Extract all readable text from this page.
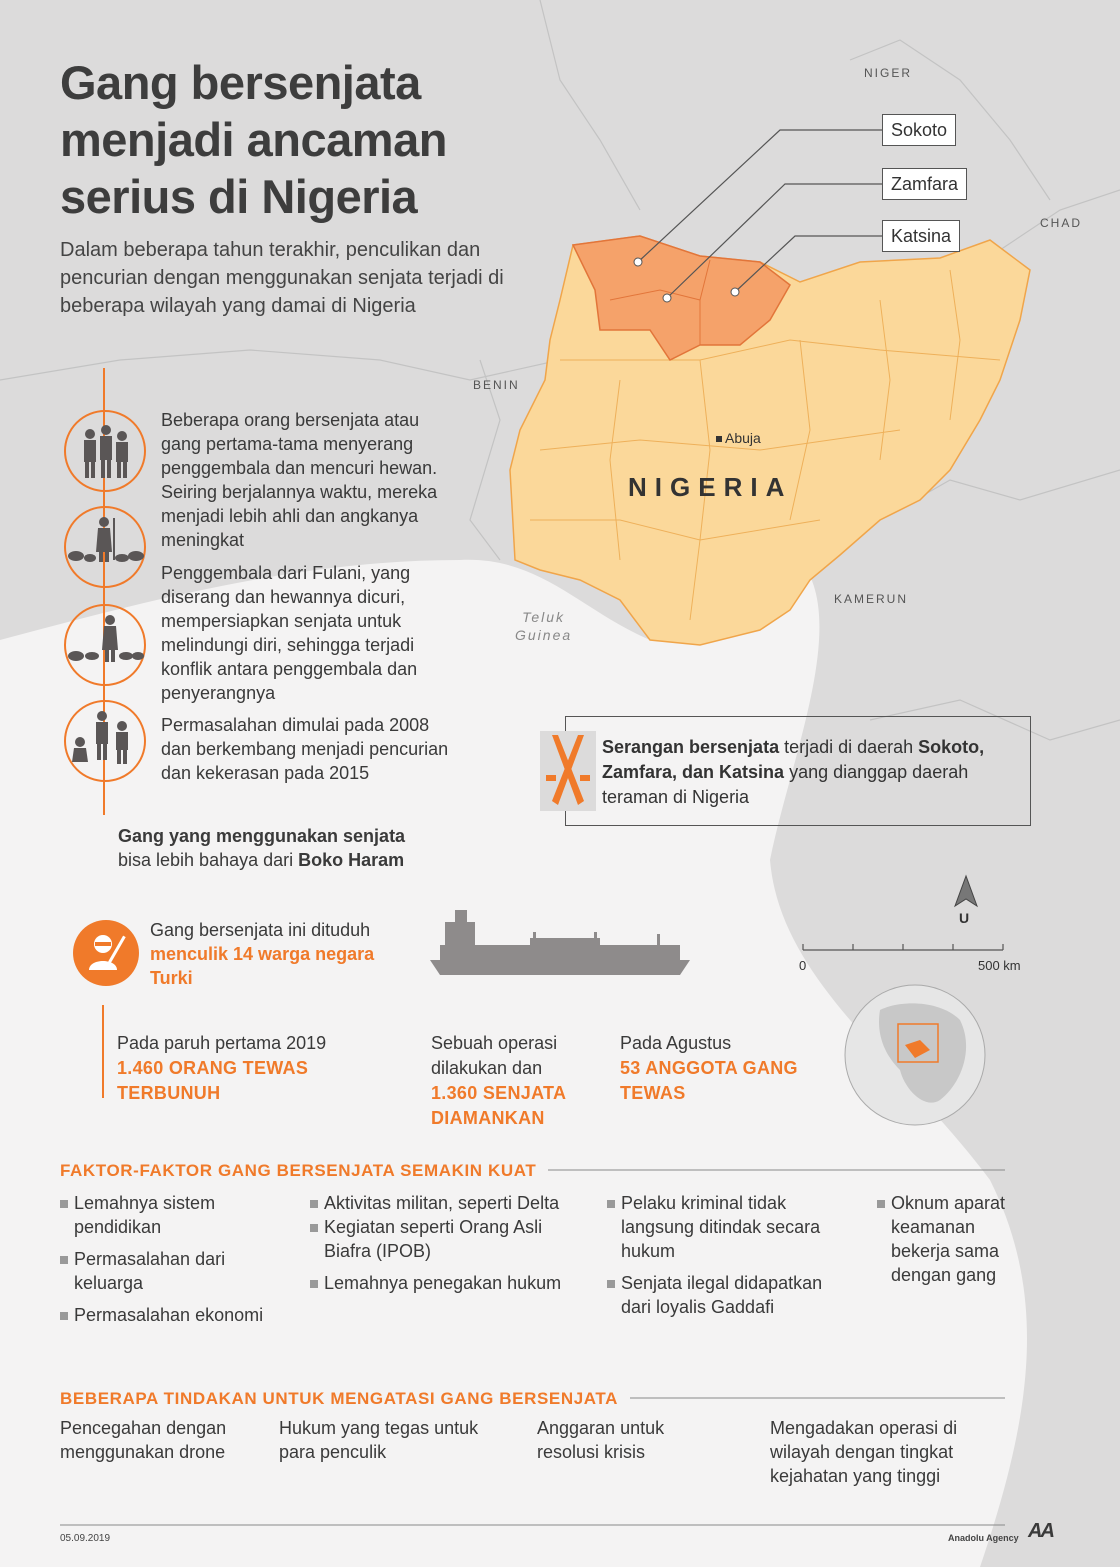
Gang bersenjata
menjadi ancaman
serius di Nigeria
Dalam beberapa tahun terakhir, penculikan dan pencurian dengan menggunakan senjata terjadi di beberapa wilayah yang damai di Nigeria
NIGER
CHAD
BENIN
KAMERUN
NIGERIA
Teluk
Guinea
Abuja
Sokoto
Zamfara
Katsina
U
0	500 km
Beberapa orang bersenjata atau gang pertama-tama menyerang penggembala dan mencuri hewan. Seiring berjalannya waktu, mereka menjadi lebih ahli dan angkanya meningkat
Penggembala dari Fulani, yang diserang dan hewannya dicuri, mempersiapkan senjata untuk melindungi diri, sehingga terjadi konflik antara penggembala dan penyerangnya
Permasalahan dimulai pada 2008 dan berkembang menjadi pencurian dan kekerasan pada 2015
Gang yang menggunakan senjata
bisa lebih bahaya dari Boko Haram
Serangan bersenjata terjadi di daerah Sokoto, Zamfara, dan Katsina yang dianggap daerah teraman di Nigeria
Gang bersenjata ini dituduh
menculik 14 warga negara Turki
Pada paruh pertama 2019
1.460 ORANG TEWAS TERBUNUH
Sebuah operasi dilakukan dan
1.360 SENJATA DIAMANKAN
Pada Agustus
53 ANGGOTA GANG TEWAS
FAKTOR-FAKTOR GANG BERSENJATA SEMAKIN KUAT
Lemahnya sistem pendidikan
Permasalahan dari keluarga
Permasalahan ekonomi
Aktivitas militan, seperti Delta
Kegiatan seperti Orang Asli Biafra (IPOB)
Lemahnya penegakan hukum
Pelaku kriminal tidak langsung ditindak secara hukum
Senjata ilegal didapatkan dari loyalis Gaddafi
Oknum aparat keamanan bekerja sama dengan gang
BEBERAPA TINDAKAN UNTUK MENGATASI GANG BERSENJATA
Pencegahan dengan menggunakan drone
Hukum yang tegas untuk para penculik
Anggaran untuk resolusi krisis
Mengadakan operasi di wilayah dengan tingkat kejahatan yang tinggi
05.09.2019	Anadolu Agency AA
